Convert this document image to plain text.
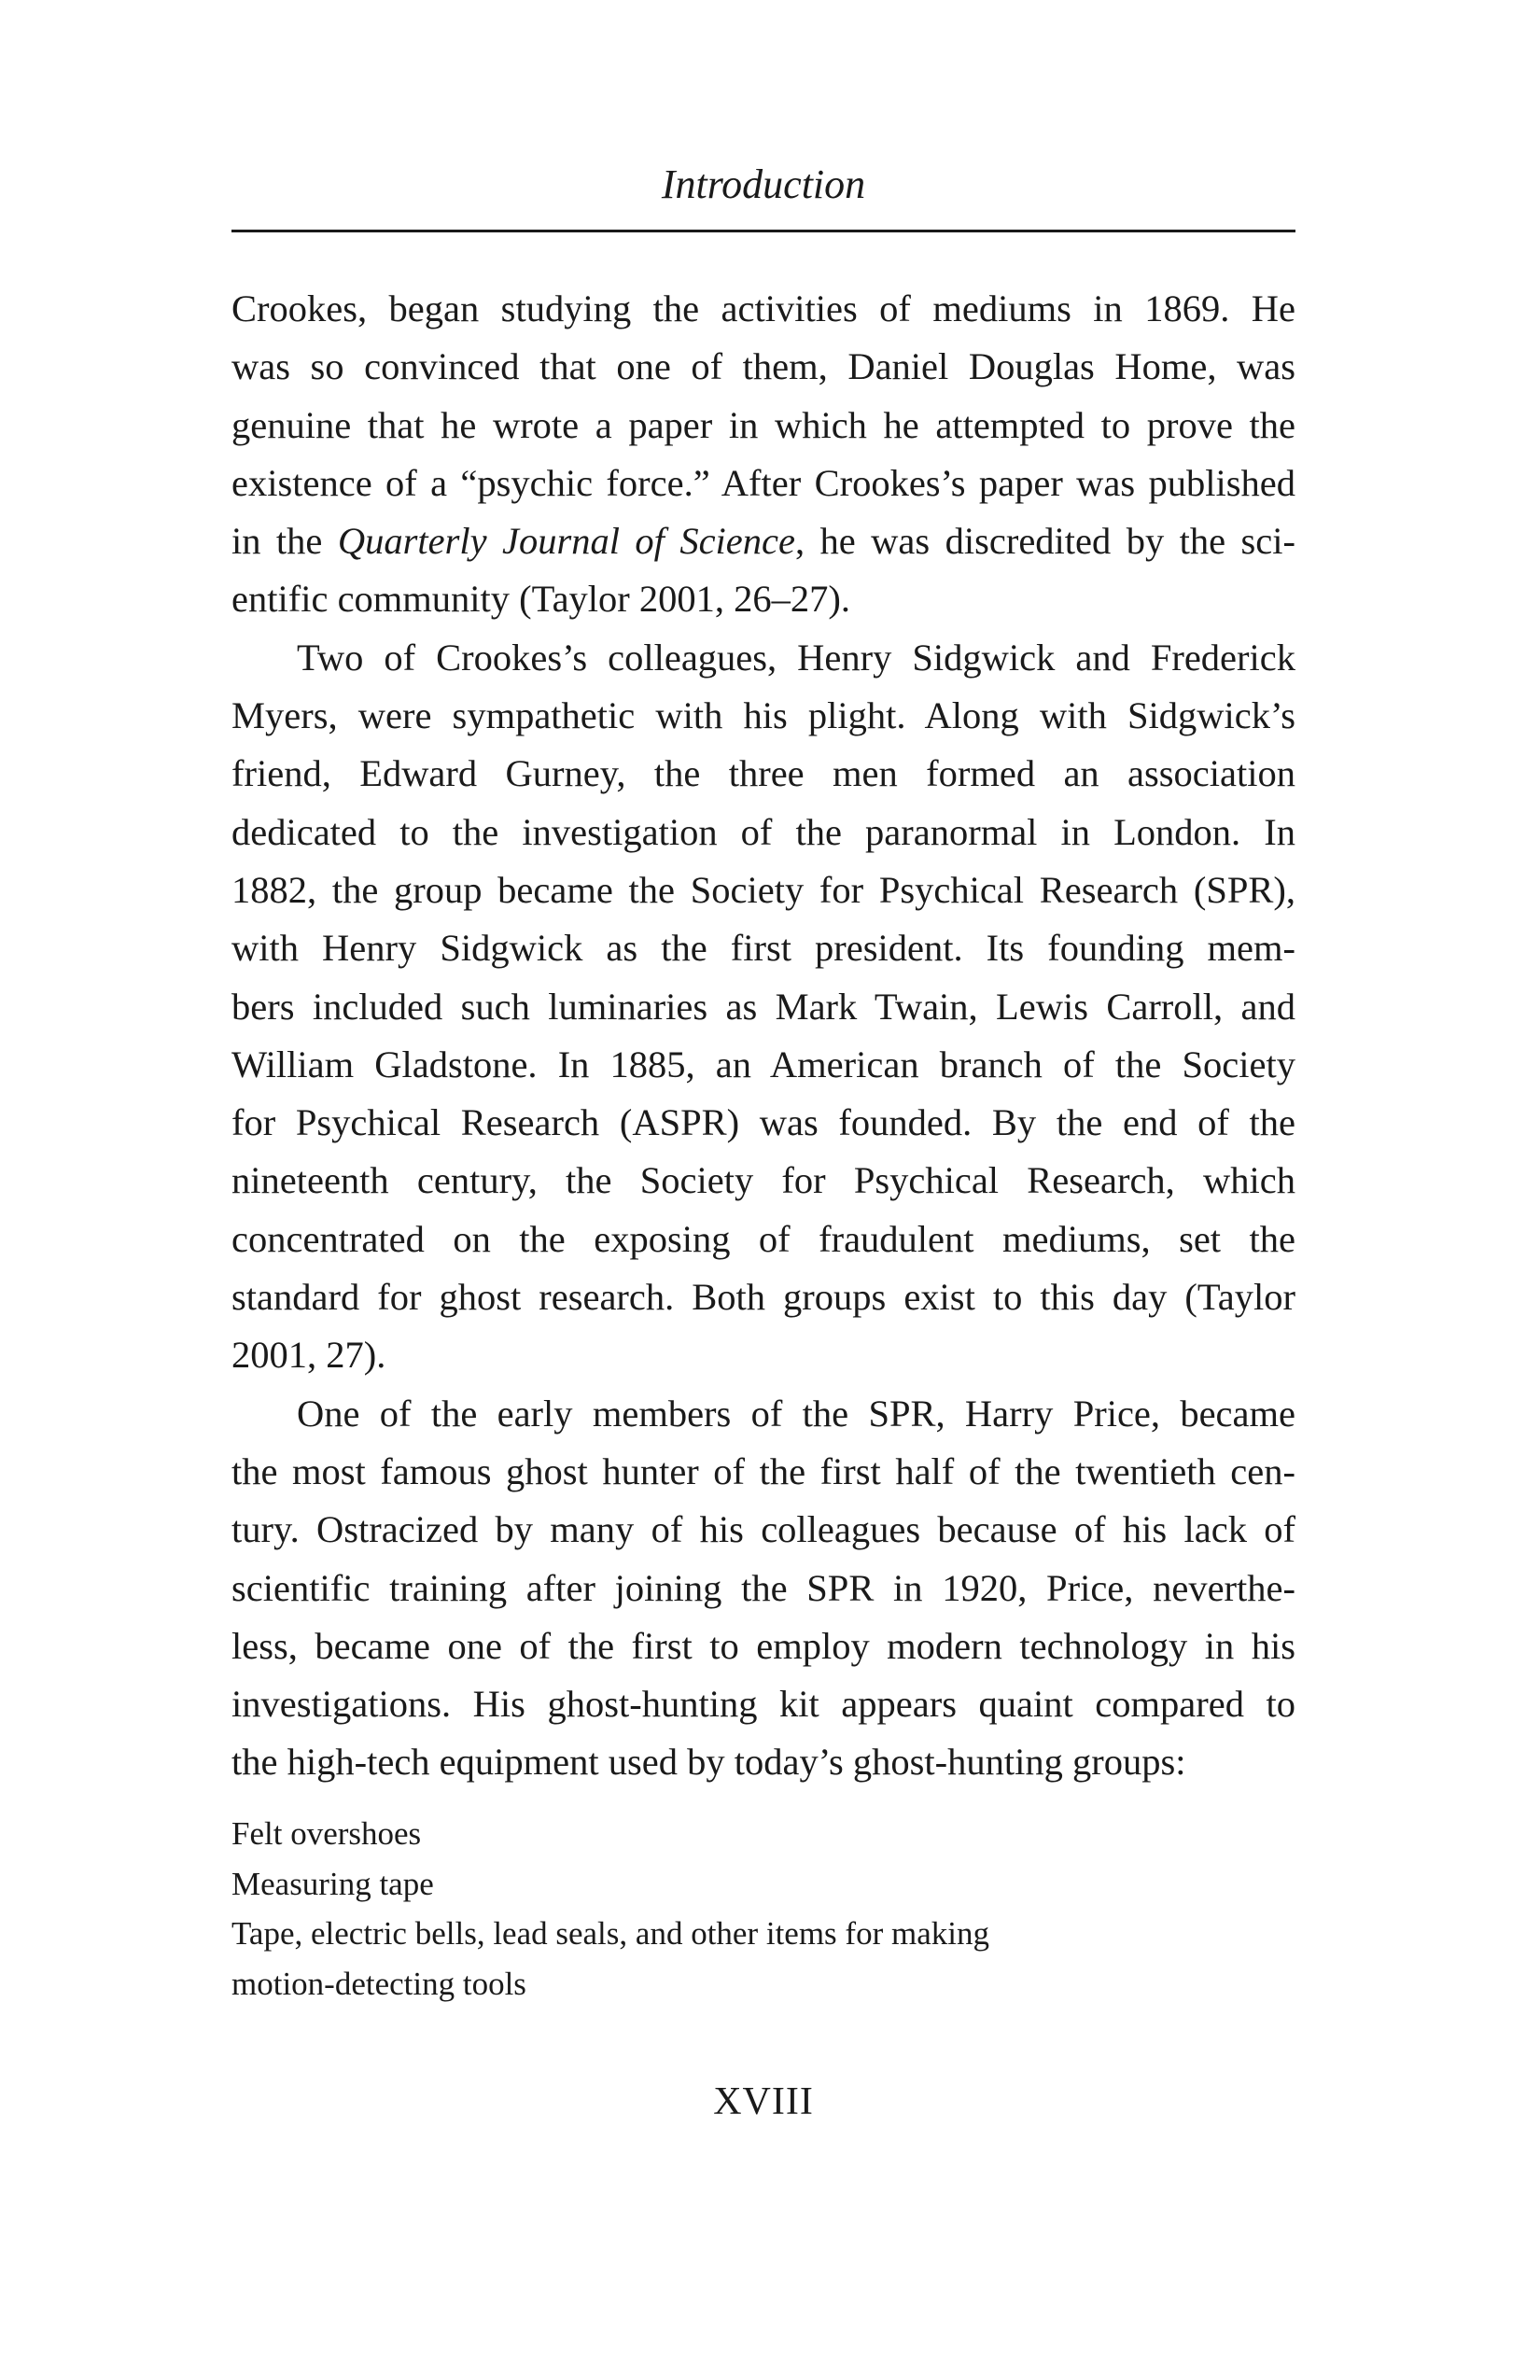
Introduction
Crookes, began studying the activities of mediums in 1869. He
was so convinced that one of them, Daniel Douglas Home, was
genuine that he wrote a paper in which he attempted to prove the
existence of a “psychic force.” After Crookes’s paper was published
in the Quarterly Journal of Science, he was discredited by the sci-
entific community (Taylor 2001, 26–27).
Two of Crookes’s colleagues, Henry Sidgwick and Frederick
Myers, were sympathetic with his plight. Along with Sidgwick’s
friend, Edward Gurney, the three men formed an association
dedicated to the investigation of the paranormal in London. In
1882, the group became the Society for Psychical Research (SPR),
with Henry Sidgwick as the first president. Its founding mem-
bers included such luminaries as Mark Twain, Lewis Carroll, and
William Gladstone. In 1885, an American branch of the Society
for Psychical Research (ASPR) was founded. By the end of the
nineteenth century, the Society for Psychical Research, which
concentrated on the exposing of fraudulent mediums, set the
standard for ghost research. Both groups exist to this day (Taylor
2001, 27).
One of the early members of the SPR, Harry Price, became
the most famous ghost hunter of the first half of the twentieth cen-
tury. Ostracized by many of his colleagues because of his lack of
scientific training after joining the SPR in 1920, Price, neverthe-
less, became one of the first to employ modern technology in his
investigations. His ghost-hunting kit appears quaint compared to
the high-tech equipment used by today’s ghost-hunting groups:
Felt overshoes
Measuring tape
Tape, electric bells, lead seals, and other items for making
motion-detecting tools
XVIII
